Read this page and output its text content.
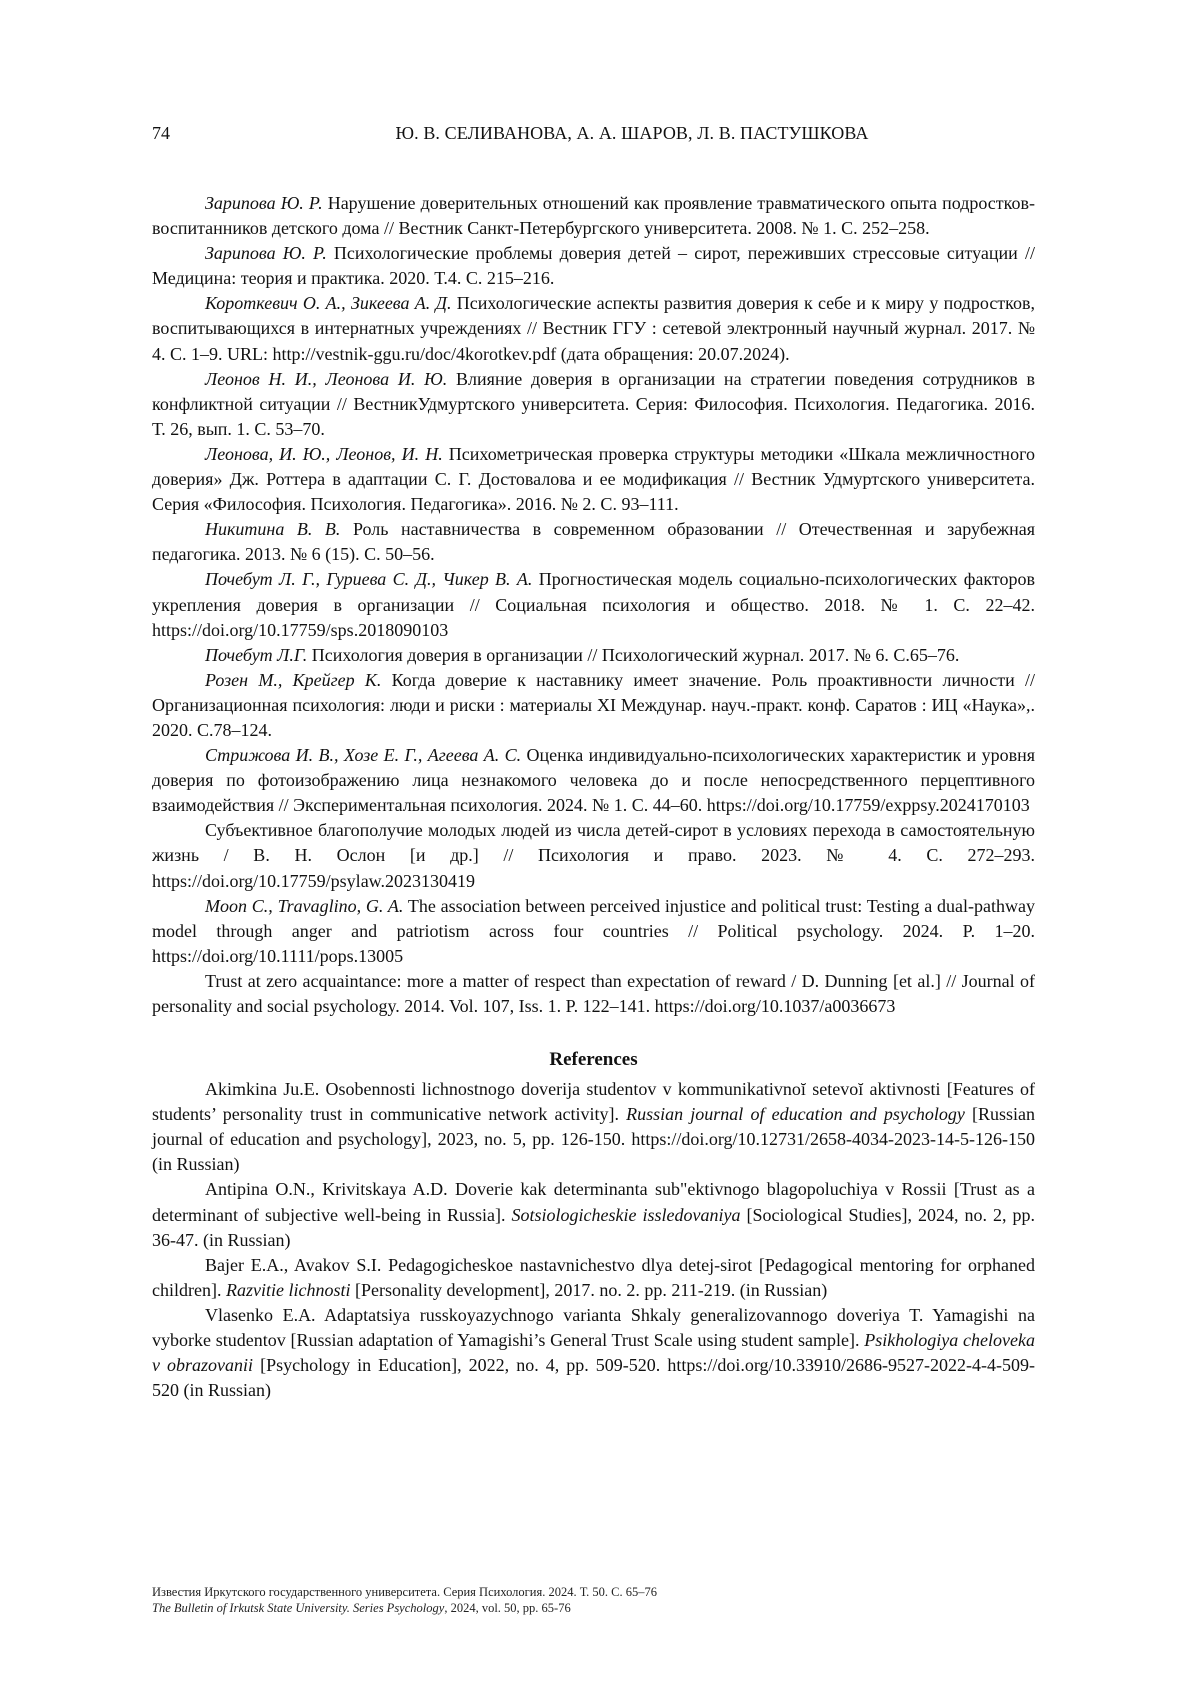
74	Ю. В. СЕЛИВАНОВА, А. А. ШАРОВ, Л. В. ПАСТУШКОВА

Зарипова Ю. Р. Нарушение доверительных отношений как проявление травматического опыта подростков-воспитанников детского дома // Вестник Санкт-Петербургского университета. 2008. № 1. С. 252–258.

Зарипова Ю. Р. Психологические проблемы доверия детей – сирот, переживших стрессовые ситуации // Медицина: теория и практика. 2020. Т.4. С. 215–216.

Короткевич О. А., Зикеева А. Д. Психологические аспекты развития доверия к себе и к миру у подростков, воспитывающихся в интернатных учреждениях // Вестник ГГУ : сетевой электронный научный журнал. 2017. № 4. С. 1–9. URL: http://vestnik-ggu.ru/doc/4korotkev.pdf (дата обращения: 20.07.2024).

Леонов Н. И., Леонова И. Ю. Влияние доверия в организации на стратегии поведения сотрудников в конфликтной ситуации // ВестникУдмуртского университета. Серия: Философия. Психология. Педагогика. 2016. Т. 26, вып. 1. С. 53–70.

Леонова, И. Ю., Леонов, И. Н. Психометрическая проверка структуры методики «Шкала межличностного доверия» Дж. Роттера в адаптации С. Г. Достовалова и ее модификация // Вестник Удмуртского университета. Серия «Философия. Психология. Педагогика». 2016. № 2. С. 93–111.

Никитина В. В. Роль наставничества в современном образовании // Отечественная и зарубежная педагогика. 2013. № 6 (15). С. 50–56.

Почебут Л. Г., Гуриева С. Д., Чикер В. А. Прогностическая модель социально-психологических факторов укрепления доверия в организации // Социальная психология и общество. 2018. № 1. С. 22–42. https://doi.org/10.17759/sps.2018090103

Почебут Л.Г. Психология доверия в организации // Психологический журнал. 2017. № 6. С.65–76.

Розен М., Крейгер К. Когда доверие к наставнику имеет значение. Роль проактивности личности // Организационная психология: люди и риски : материалы XI Междунар. науч.-практ. конф. Саратов : ИЦ «Наука»,. 2020. С.78–124.

Стрижова И. В., Хозе Е. Г., Агеева А. С. Оценка индивидуально-психологических характеристик и уровня доверия по фотоизображению лица незнакомого человека до и после непосредственного перцептивного взаимодействия // Экспериментальная психология. 2024. № 1. С. 44–60. https://doi.org/10.17759/exppsy.2024170103

Субъективное благополучие молодых людей из числа детей-сирот в условиях перехода в самостоятельную жизнь / В. Н. Ослон [и др.] // Психология и право. 2023. № 4. С. 272–293. https://doi.org/10.17759/psylaw.2023130419

Moon C., Travaglino, G. A. The association between perceived injustice and political trust: Testing a dual-pathway model through anger and patriotism across four countries // Political psychology. 2024. P. 1–20. https://doi.org/10.1111/pops.13005

Trust at zero acquaintance: more a matter of respect than expectation of reward / D. Dunning [et al.] // Journal of personality and social psychology. 2014. Vol. 107, Iss. 1. P. 122–141. https://doi.org/10.1037/a0036673

References

Akimkina Ju.E. Osobennosti lichnostnogo doverija studentov v kommunikativnoĭ setevoĭ aktivnosti [Features of students’ personality trust in communicative network activity]. Russian journal of education and psychology [Russian journal of education and psychology], 2023, no. 5, pp. 126-150. https://doi.org/10.12731/2658-4034-2023-14-5-126-150 (in Russian)

Antipina O.N., Krivitskaya A.D. Doverie kak determinanta sub"ektivnogo blagopoluchiya v Rossii [Trust as a determinant of subjective well-being in Russia]. Sotsiologicheskie issledovaniya [Sociological Studies], 2024, no. 2, pp. 36-47. (in Russian)

Bajer E.A., Avakov S.I. Pedagogicheskoe nastavnichestvo dlya detej-sirot [Pedagogical mentoring for orphaned children]. Razvitie lichnosti [Personality development], 2017. no. 2. pp. 211-219. (in Russian)

Vlasenko E.A. Adaptatsiya russkoyazychnogo varianta Shkaly generalizovannogo doveriya T. Yamagishi na vyborke studentov [Russian adaptation of Yamagishi’s General Trust Scale using student sample]. Psikhologiya cheloveka v obrazovanii [Psychology in Education], 2022, no. 4, pp. 509-520. https://doi.org/10.33910/2686-9527-2022-4-4-509-520 (in Russian)

Известия Иркутского государственного университета. Серия Психология. 2024. Т. 50. С. 65–76
The Bulletin of Irkutsk State University. Series Psychology, 2024, vol. 50, pp. 65-76
